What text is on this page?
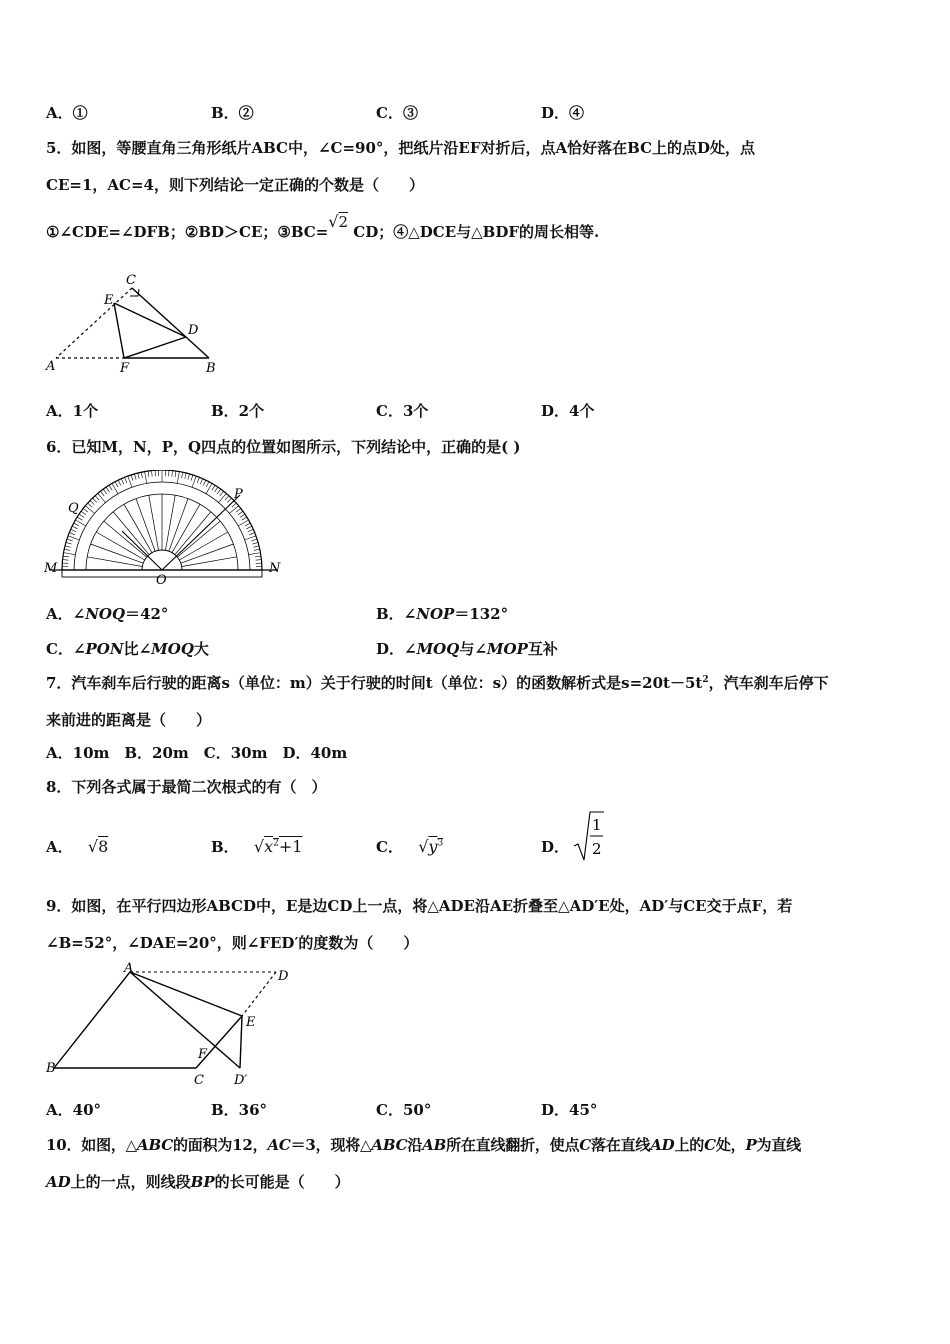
A．①	B．②	C．③	D．④
5．如图，等腰直角三角形纸片ABC中，∠C=90°，把纸片沿EF对折后，点A恰好落在BC上的点D处，点
CE=1，AC=4，则下列结论一定正确的个数是（　　）
①∠CDE=∠DFB；②BD＞CE；③BC=√2 CD；④△DCE与△BDF的周长相等.
C
E
D
A	F	B
A．1个	B．2个	C．3个	D．4个
6．已知M，N，P，Q四点的位置如图所示，下列结论中，正确的是( )
Q
P
M	N
O
A．∠NOQ＝42°	B．∠NOP＝132°
C．∠PON比∠MOQ大	D．∠MOQ与∠MOP互补
7．汽车刹车后行驶的距离s（单位：m）关于行驶的时间t（单位：s）的函数解析式是$s=20t-5t^2$，汽车刹车后停下
来前进的距离是（　　）
A．10m　B．20m　C．30m　D．40m
8．下列各式属于最简二次根式的有（　）
A． √8	B． $√x^2+1$	C． $√y^3$	D．
1
2
9．如图，在平行四边形ABCD中，E是边CD上一点，将△ADE沿AE折叠至△AD′E处，AD′与CE交于点F，若
∠B=52°，∠DAE=20°，则∠FED′的度数为（　　）
A
D
E
F
B
C D′
A．40°	B．36°	C．50°	D．45°
10．如图，△ABC的面积为12，AC＝3，现将△ABC沿AB所在直线翻折，使点C落在直线AD上的C处，P为直线
AD上的一点，则线段BP的长可能是（　　）
